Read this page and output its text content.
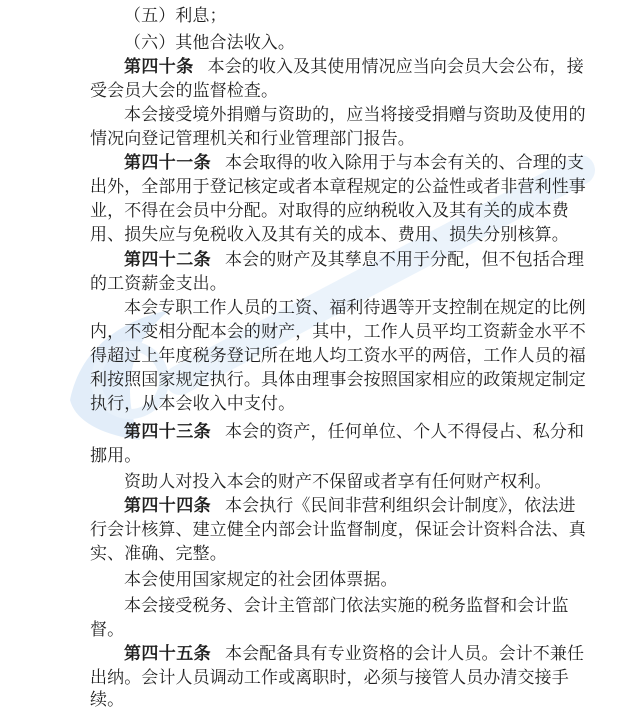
（五）利息；
（六）其他合法收入。
第四十条 本会的收入及其使用情况应当向会员大会公布，接
受会员大会的监督检查。
本会接受境外捐赠与资助的，应当将接受捐赠与资助及使用的
情况向登记管理机关和行业管理部门报告。
第四十一条 本会取得的收入除用于与本会有关的、合理的支
出外，全部用于登记核定或者本章程规定的公益性或者非营利性事
业，不得在会员中分配。对取得的应纳税收入及其有关的成本费
用、损失应与免税收入及其有关的成本、费用、损失分别核算。
第四十二条 本会的财产及其孳息不用于分配，但不包括合理
的工资薪金支出。
本会专职工作人员的工资、福利待遇等开支控制在规定的比例
内，不变相分配本会的财产，其中，工作人员平均工资薪金水平不
得超过上年度税务登记所在地人均工资水平的两倍，工作人员的福
利按照国家规定执行。具体由理事会按照国家相应的政策规定制定
执行，从本会收入中支付。
第四十三条 本会的资产，任何单位、个人不得侵占、私分和
挪用。
资助人对投入本会的财产不保留或者享有任何财产权利。
第四十四条 本会执行《民间非营利组织会计制度》，依法进
行会计核算、建立健全内部会计监督制度，保证会计资料合法、真
实、准确、完整。
本会使用国家规定的社会团体票据。
本会接受税务、会计主管部门依法实施的税务监督和会计监
督。
第四十五条 本会配备具有专业资格的会计人员。会计不兼任
出纳。会计人员调动工作或离职时，必须与接管人员办清交接手
续。
